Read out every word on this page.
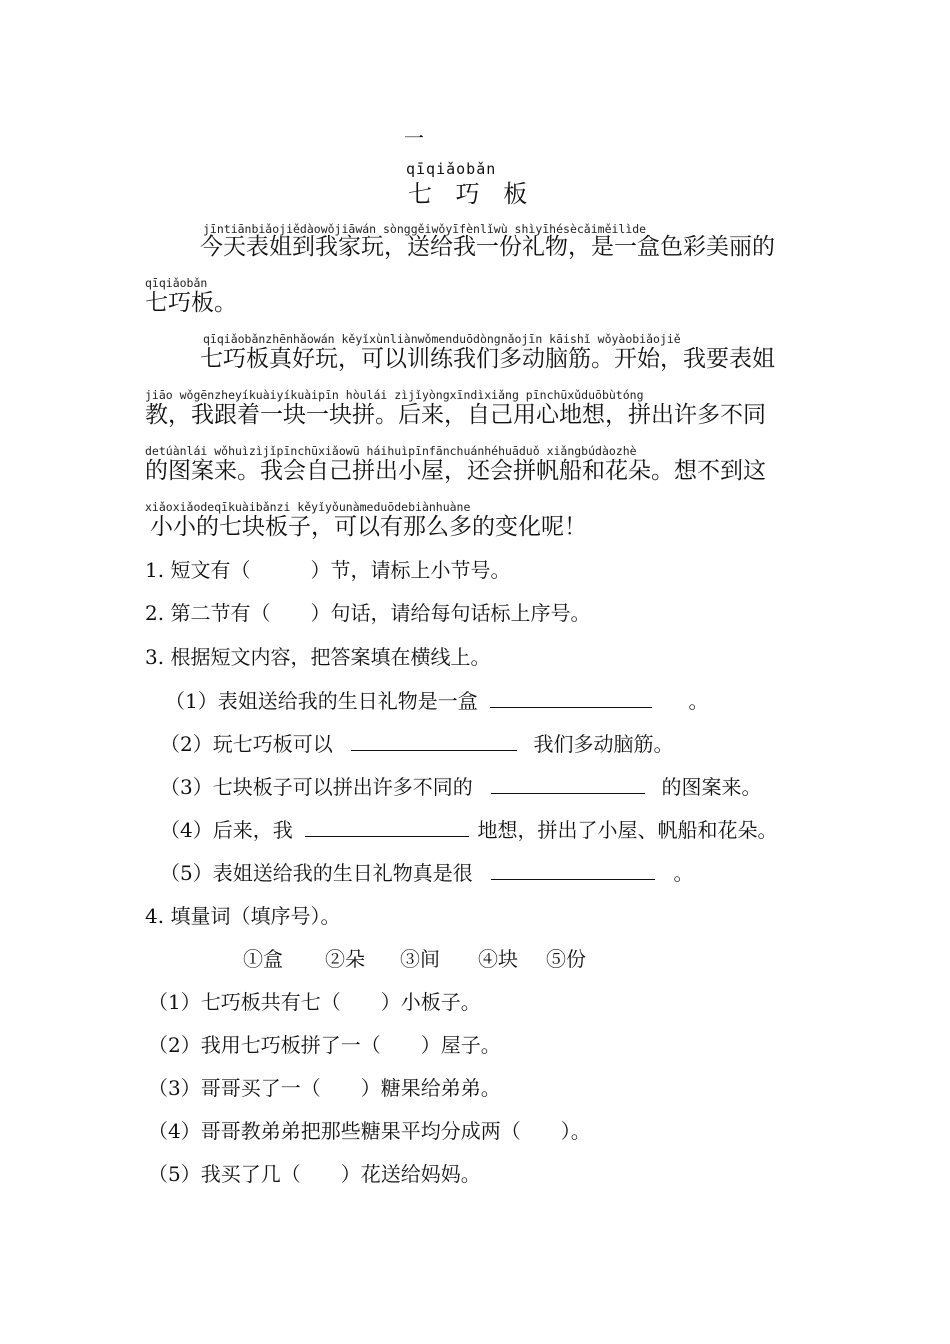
一
qīqiǎobǎn
七 巧 板
jīntiānbiǎojiědàowǒjiāwán sònggěiwǒyīfènlǐwù shìyīhésècǎiměilìde
今天表姐到我家玩，送给我一份礼物，是一盒色彩美丽的
qīqiǎobǎn
七巧板。
qīqiǎobǎnzhēnhǎowán kěyǐxùnliànwǒmenduōdòngnǎojīn kāishǐ wǒyàobiǎojiě
七巧板真好玩，可以训练我们多动脑筋。开始，我要表姐
jiāo wǒgēnzheyíkuàiyíkuàipīn hòulái zìjǐyòngxīndìxiǎng pīnchūxǔduōbùtóng
教，我跟着一块一块拼。后来，自己用心地想，拼出许多不同
detúànlái wǒhuìzìjǐpīnchūxiǎowū háihuìpīnfānchuánhéhuāduǒ xiǎngbúdàozhè
的图案来。我会自己拼出小屋，还会拼帆船和花朵。想不到这
xiǎoxiǎodeqīkuàibǎnzi kěyǐyǒunàmeduōdebiànhuàne
小小的七块板子，可以有那么多的变化呢！
1. 短文有（　　　）节，请标上小节号。
2. 第二节有（　　）句话，请给每句话标上序号。
3. 根据短文内容，把答案填在横线上。
（1）表姐送给我的生日礼物是一盒	。
（2）玩七巧板可以	我们多动脑筋。
（3）七块板子可以拼出许多不同的	的图案来。
（4）后来，我	地想，拼出了小屋、帆船和花朵。
（5）表姐送给我的生日礼物真是很	。
4. 填量词（填序号）。
①盒 ②朵 ③间 ④块 ⑤份
（1）七巧板共有七（　　）小板子。
（2）我用七巧板拼了一（　　）屋子。
（3）哥哥买了一（　　）糖果给弟弟。
（4）哥哥教弟弟把那些糖果平均分成两（　　）。
（5）我买了几（　　）花送给妈妈。
